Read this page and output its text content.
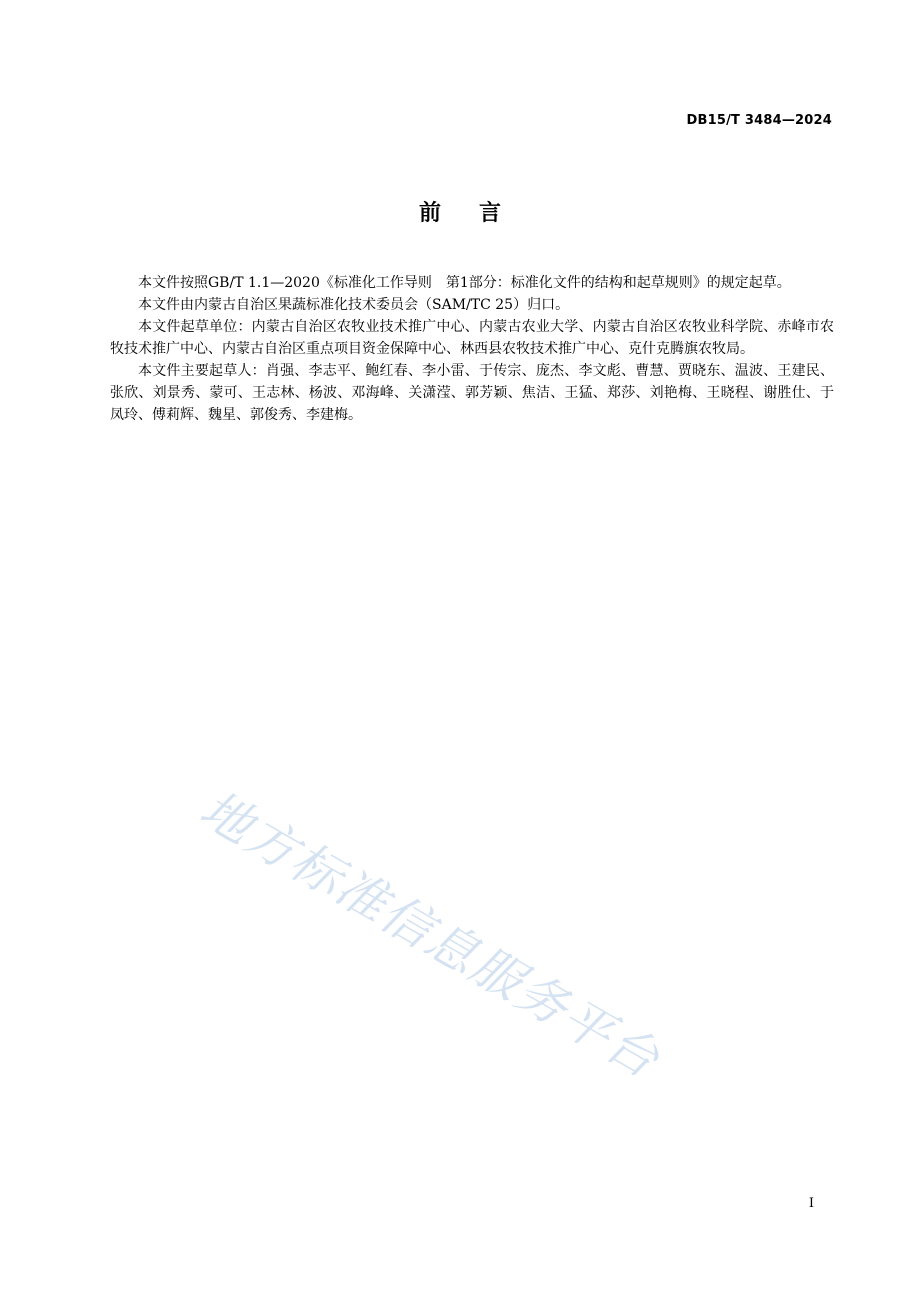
DB15/T 3484—2024
前言

本文件按照GB/T 1.1—2020《标准化工作导则　第1部分：标准化文件的结构和起草规则》的规定起草。

本文件由内蒙古自治区果蔬标准化技术委员会（SAM/TC 25）归口。

本文件起草单位：内蒙古自治区农牧业技术推广中心、内蒙古农业大学、内蒙古自治区农牧业科学院、赤峰市农牧技术推广中心、内蒙古自治区重点项目资金保障中心、林西县农牧技术推广中心、克什克腾旗农牧局。

本文件主要起草人：肖强、李志平、鲍红春、李小雷、于传宗、庞杰、李文彪、曹慧、贾晓东、温波、王建民、张欣、刘景秀、蒙可、王志林、杨波、邓海峰、关潇滢、郭芳颖、焦洁、王猛、郑莎、刘艳梅、王晓程、谢胜仕、于凤玲、傅莉辉、魏星、郭俊秀、李建梅。

地方标准信息服务平台
I
